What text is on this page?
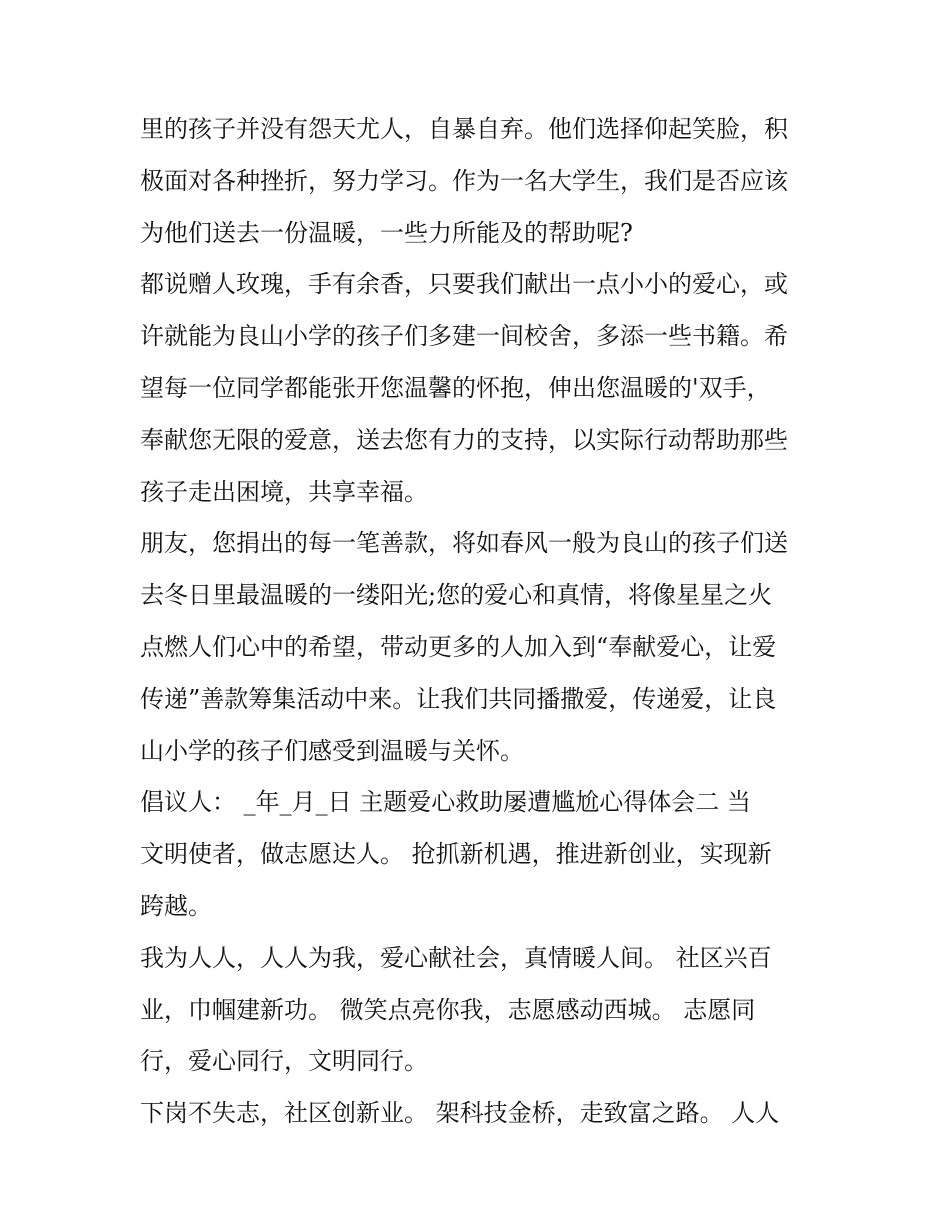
里的孩子并没有怨天尤人，自暴自弃。他们选择仰起笑脸，积

极面对各种挫折，努力学习。作为一名大学生，我们是否应该

为他们送去一份温暖，一些力所能及的帮助呢?

都说赠人玫瑰，手有余香，只要我们献出一点小小的爱心，或

许就能为良山小学的孩子们多建一间校舍，多添一些书籍。希

望每一位同学都能张开您温馨的怀抱，伸出您温暖的'双手，

奉献您无限的爱意，送去您有力的支持，以实际行动帮助那些

孩子走出困境，共享幸福。

朋友，您捐出的每一笔善款，将如春风一般为良山的孩子们送

去冬日里最温暖的一缕阳光;您的爱心和真情，将像星星之火

点燃人们心中的希望，带动更多的人加入到“奉献爱心，让爱

传递”善款筹集活动中来。让我们共同播撒爱，传递爱，让良

山小学的孩子们感受到温暖与关怀。

倡议人： _年_月_日 主题爱心救助屡遭尴尬心得体会二 当

文明使者，做志愿达人。 抢抓新机遇，推进新创业，实现新

跨越。

我为人人，人人为我，爱心献社会，真情暖人间。 社区兴百

业，巾帼建新功。 微笑点亮你我，志愿感动西城。 志愿同

行，爱心同行，文明同行。

下岗不失志，社区创新业。 架科技金桥，走致富之路。 人人
